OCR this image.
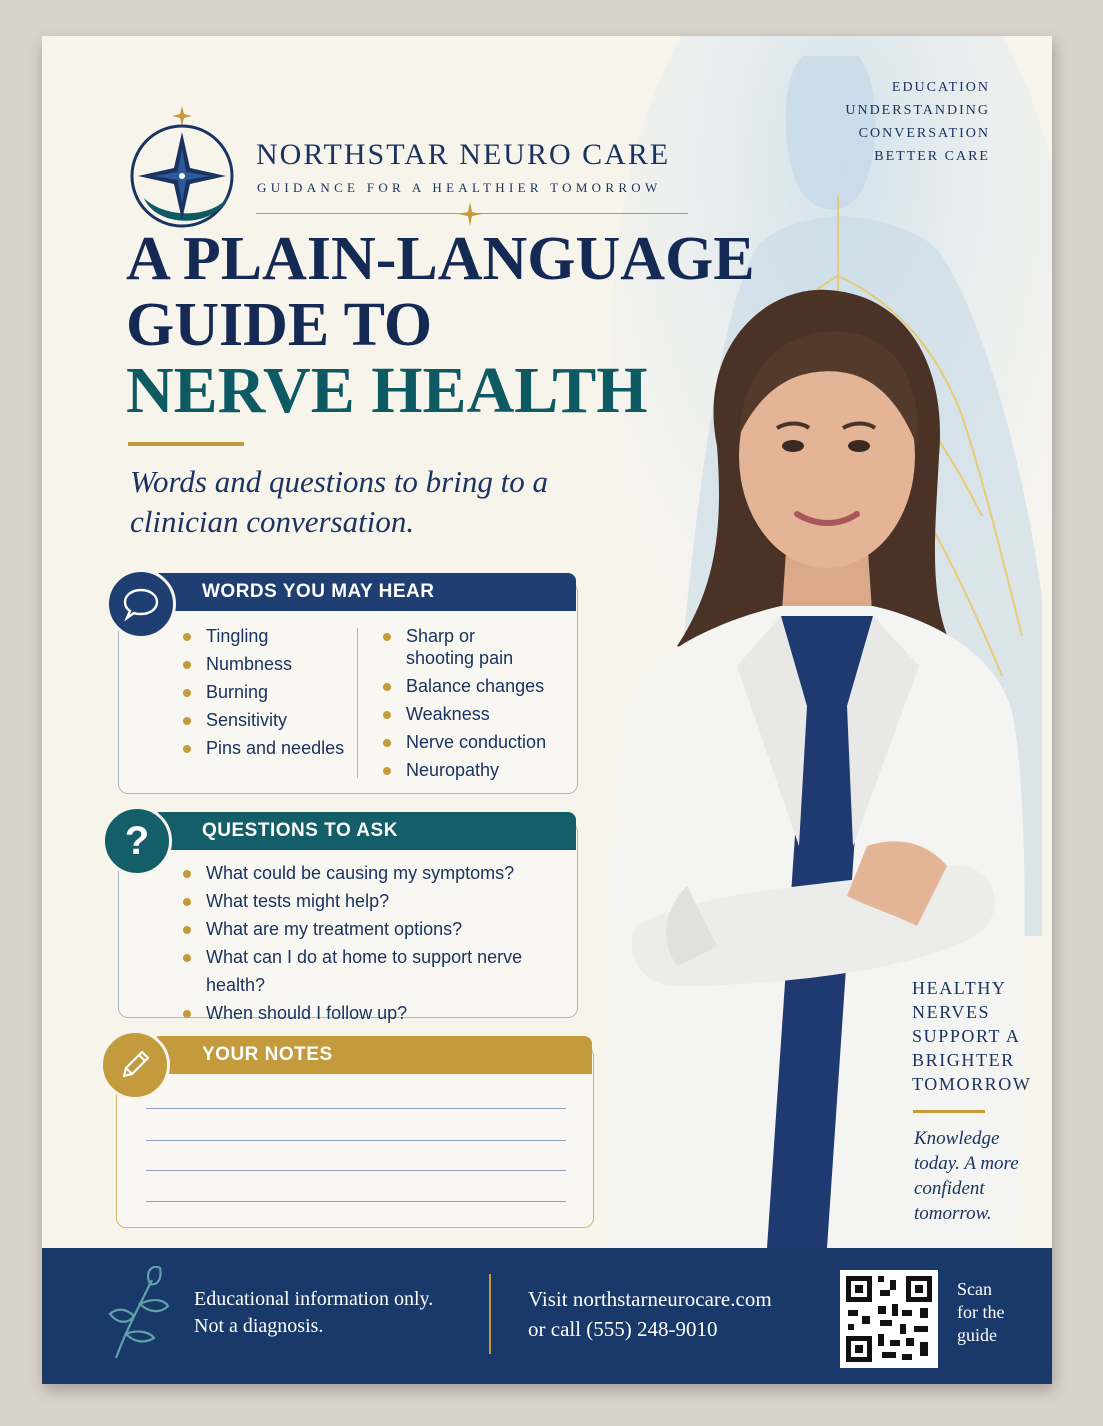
NORTHSTAR NEURO CARE
GUIDANCE FOR A HEALTHIER TOMORROW
EDUCATION
UNDERSTANDING
CONVERSATION
BETTER CARE
A PLAIN-LANGUAGE
GUIDE TO
NERVE HEALTH
Words and questions to bring to a clinician conversation.
WORDS YOU MAY HEAR
Tingling
Numbness
Burning
Sensitivity
Pins and needles
Sharp or shooting pain
Balance changes
Weakness
Nerve conduction
Neuropathy
QUESTIONS TO ASK
?
What could be causing my symptoms?
What tests might help?
What are my treatment options?
What can I do at home to support nerve health?
When should I follow up?
YOUR NOTES
HEALTHY
NERVES
SUPPORT A
BRIGHTER
TOMORROW
Knowledge today. A more confident tomorrow.
Educational information only.
Not a diagnosis.
Visit northstarneurocare.com
or call (555) 248-9010
Scan
for the
guide
